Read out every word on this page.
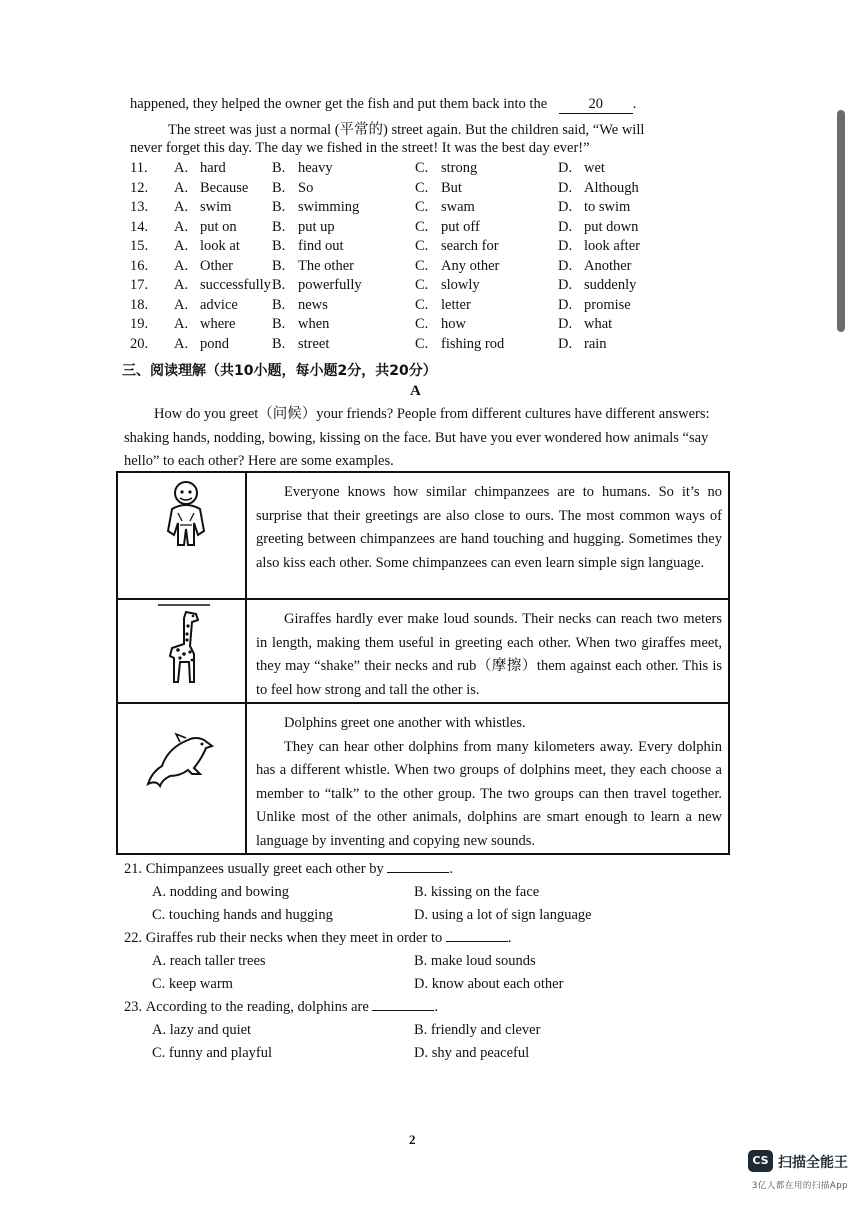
happened, they helped the owner get the fish and put them back into the	20 .
The street was just a normal (平常的) street again. But the children said, “We will
never forget this day. The day we fished in the street! It was the best day ever!”
11.	A. hard	B. heavy	C. strong	D. wet
12.	A. Because B. So	C. But	D. Although
13.	A. swim	B. swimming	C. swam	D. to swim
14.	A. put on B. put up	C. put off	D. put down
15.	A. look at B. find out	C. search for	D. look after
16.	A. Other	B. The other	C. Any other	D. Another
17.	A. successfully B. powerfully	C. slowly	D. suddenly
18.	A. advice B. news	C. letter	D. promise
19.	A. where	B. when	C. how	D. what
20.	A. pond	B. street	C. fishing rod	D. rain
三、阅读理解（共10小题，每小题2分，共20分）
A
How do you greet（问候）your friends? People from different cultures have different answers: shaking hands, nodding, bowing, kissing on the face. But have you ever wondered how animals “say hello” to each other? Here are some examples.

Everyone knows how similar chimpanzees are to humans. So it’s no surprise that their greetings are also close to ours. The most common ways of greeting between chimpanzees are hand touching and hugging. Sometimes they also kiss each other. Some chimpanzees can even learn simple sign language.

Giraffes hardly ever make loud sounds. Their necks can reach two meters in length, making them useful in greeting each other. When two giraffes meet, they may “shake” their necks and rub（摩擦）them against each other. This is to feel how strong and tall the other is.

Dolphins greet one another with whistles.

They can hear other dolphins from many kilometers away. Every dolphin has a different whistle. When two groups of dolphins meet, they each choose a member to “talk” to the other group. The two groups can then travel together. Unlike most of the other animals, dolphins are smart enough to learn a new language by inventing and copying new sounds.

21. Chimpanzees usually greet each other by	.
A. nodding and bowing	B. kissing on the face
C. touching hands and hugging	D. using a lot of sign language
22. Giraffes rub their necks when they meet in order to	.
A. reach taller trees	B. make loud sounds
C. keep warm	D. know about each other
23. According to the reading, dolphins are	.
A. lazy and quiet	B. friendly and clever
C. funny and playful	D. shy and peaceful
2
CS 扫描全能王
3亿人都在用的扫描App
